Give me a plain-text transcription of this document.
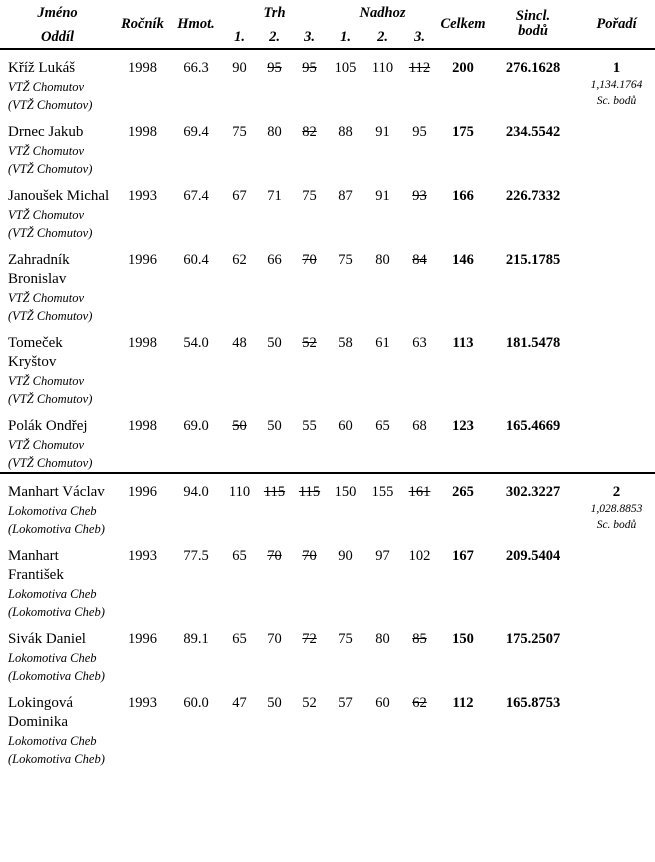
Jméno	Ročník	Hmot.	Trh			Nadhoz			Celkem	Sincl. bodů	Pořadí
Oddíl			1.	2.	3.	1.	2.	3.			

Kříž Lukáš
VTŽ Chomutov
(VTŽ Chomutov)	1998	66.3	90	95	95	105	110	112	200	276.1628	1
1,134.1764
Sc. bodů

Drnec Jakub
VTŽ Chomutov
(VTŽ Chomutov)	1998	69.4	75	80	82	88	91	95	175	234.5542	

Janoušek Michal
VTŽ Chomutov
(VTŽ Chomutov)	1993	67.4	67	71	75	87	91	93	166	226.7332	

Zahradník Bronislav
VTŽ Chomutov
(VTŽ Chomutov)	1996	60.4	62	66	70	75	80	84	146	215.1785	

Tomeček Kryštov
VTŽ Chomutov
(VTŽ Chomutov)	1998	54.0	48	50	52	58	61	63	113	181.5478	

Polák Ondřej
VTŽ Chomutov
(VTŽ Chomutov)	1998	69.0	50	50	55	60	65	68	123	165.4669	

Manhart Václav
Lokomotiva Cheb
(Lokomotiva Cheb)	1996	94.0	110	115	115	150	155	161	265	302.3227	2
1,028.8853
Sc. bodů

Manhart František
Lokomotiva Cheb
(Lokomotiva Cheb)	1993	77.5	65	70	70	90	97	102	167	209.5404	

Sivák Daniel
Lokomotiva Cheb
(Lokomotiva Cheb)	1996	89.1	65	70	72	75	80	85	150	175.2507	

Lokingová Dominika
Lokomotiva Cheb
(Lokomotiva Cheb)	1993	60.0	47	50	52	57	60	62	112	165.8753	
